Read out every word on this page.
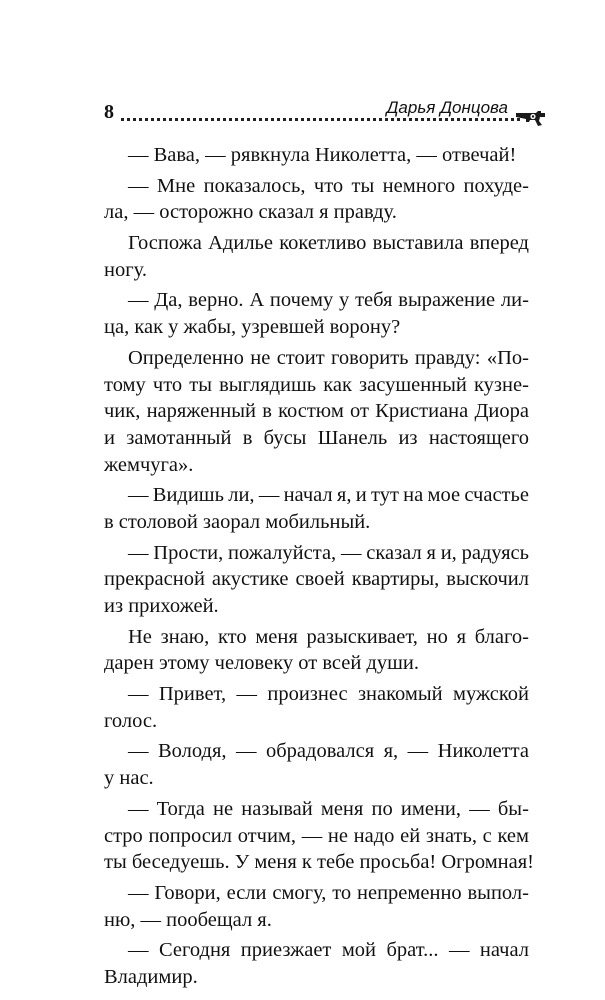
8	Дарья Донцова
— Вава, — рявкнула Николетта, — отвечай!
— Мне показалось, что ты немного похуде-
ла, — осторожно сказал я правду.
Госпожа Адилье кокетливо выставила вперед
ногу.
— Да, верно. А почему у тебя выражение ли-
ца, как у жабы, узревшей ворону?
Определенно не стоит говорить правду: «По-
тому что ты выглядишь как засушенный кузне-
чик, наряженный в костюм от Кристиана Диора
и замотанный в бусы Шанель из настоящего
жемчуга».
— Видишь ли, — начал я, и тут на мое счастье
в столовой заорал мобильный.
— Прости, пожалуйста, — сказал я и, радуясь
прекрасной акустике своей квартиры, выскочил
из прихожей.
Не знаю, кто меня разыскивает, но я благо-
дарен этому человеку от всей души.
— Привет, — произнес знакомый мужской
голос.
— Володя, — обрадовался я, — Николетта
у нас.
— Тогда не называй меня по имени, — бы-
стро попросил отчим, — не надо ей знать, с кем
ты беседуешь. У меня к тебе просьба! Огромная!
— Говори, если смогу, то непременно выпол-
ню, — пообещал я.
— Сегодня приезжает мой брат... — начал
Владимир.
